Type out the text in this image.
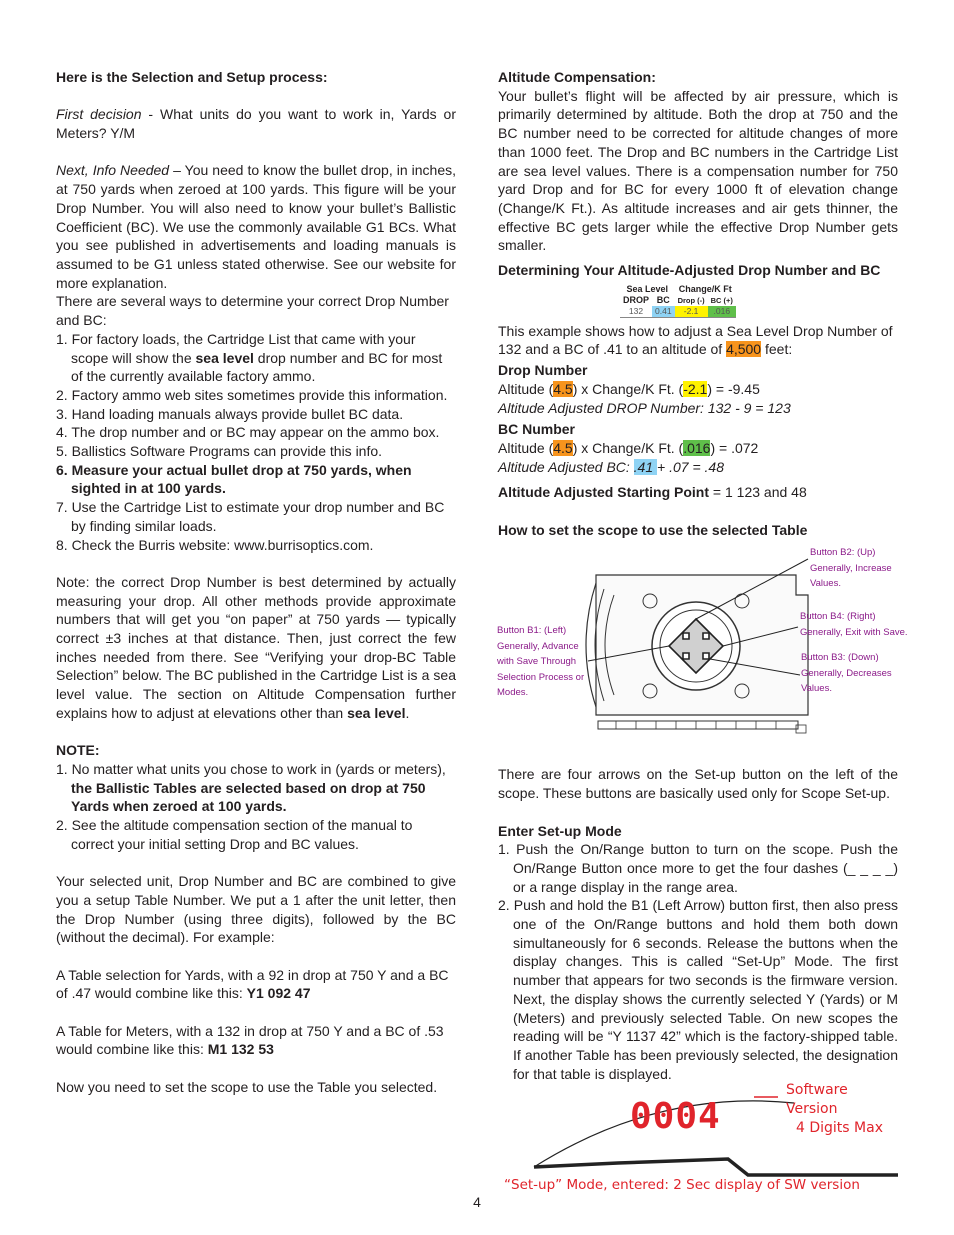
Here is the Selection and Setup process:

First decision - What units do you want to work in, Yards or Meters? Y/M

Next, Info Needed – You need to know the bullet drop, in inches, at 750 yards when zeroed at 100 yards. This figure will be your Drop Number. You will also need to know your bullet’s Ballistic Coefficient (BC). We use the commonly available G1 BCs. What you see published in advertisements and loading manuals is assumed to be G1 unless stated otherwise. See our website for more explanation.

There are several ways to determine your correct Drop Number and BC:

1. For factory loads, the Cartridge List that came with your scope will show the sea level drop number and BC for most of the currently available factory ammo.
2. Factory ammo web sites sometimes provide this information.
3. Hand loading manuals always provide bullet BC data.
4. The drop number and or BC may appear on the ammo box.
5. Ballistics Software Programs can provide this info.
6. Measure your actual bullet drop at 750 yards, when sighted in at 100 yards.
7. Use the Cartridge List to estimate your drop number and BC by finding similar loads.
8. Check the Burris website: www.burrisoptics.com.

Note: the correct Drop Number is best determined by actually measuring your drop. All other methods provide approximate numbers that will get you “on paper” at 750 yards — typically correct ±3 inches at that distance. Then, just correct the few inches needed from there. See “Verifying your drop-BC Table Selection” below. The BC published in the Cartridge List is a sea level value. The section on Altitude Compensation further explains how to adjust at elevations other than sea level.

NOTE:

1. No matter what units you chose to work in (yards or meters), the Ballistic Tables are selected based on drop at 750 Yards when zeroed at 100 yards.
2. See the altitude compensation section of the manual to correct your initial setting Drop and BC values.

Your selected unit, Drop Number and BC are combined to give you a setup Table Number. We put a 1 after the unit letter, then the Drop Number (using three digits), followed by the BC (without the decimal). For example:

A Table selection for Yards, with a 92 in drop at 750 Y and a BC of .47 would combine like this: Y1 092 47

A Table for Meters, with a 132 in drop at 750 Y and a BC of .53 would combine like this: M1 132 53

Now you need to set the scope to use the Table you selected.

Altitude Compensation:

Your bullet’s flight will be affected by air pressure, which is primarily determined by altitude. Both the drop at 750 and the BC number need to be corrected for altitude changes of more than 1000 feet. The Drop and BC numbers in the Cartridge List are sea level values. There is a compensation number for 750 yard Drop and for BC for every 1000 ft of elevation change (Change/K Ft.). As altitude increases and air gets thinner, the effective BC gets larger while the effective Drop Number gets smaller.

Determining Your Altitude-Adjusted Drop Number and BC

Sea Level		Change/K Ft	
DROP	BC	Drop (-)	BC (+)
132	0.41	-2.1	.016

This example shows how to adjust a Sea Level Drop Number of 132 and a BC of .41 to an altitude of 4,500 feet:

Drop Number

Altitude (4.5) x Change/K Ft. (-2.1) = -9.45

Altitude Adjusted DROP Number: 132 - 9 = 123

BC Number

Altitude (4.5) x Change/K Ft. (.016) = .072

Altitude Adjusted BC: .41 + .07 = .48

Altitude Adjusted Starting Point = 1 123 and 48

How to set the scope to use the selected Table

Button B2: (Up)
Generally, Increase
Values.
Button B4: (Right)
Generally, Exit with Save.
Button B3: (Down)
Generally, Decreases
Values.
Button B1: (Left)
Generally, Advance
with Save Through
Selection Process or
Modes.

There are four arrows on the Set-up button on the left of the scope. These buttons are basically used only for Scope Set-up.

Enter Set-up Mode

1. Push the On/Range button to turn on the scope. Push the On/Range Button once more to get the four dashes (_ _ _ _) or a range display in the range area.
2. Push and hold the B1 (Left Arrow) button first, then also press one of the On/Range buttons and hold them both down simultaneously for 6 seconds. Release the buttons when the display changes. This is called “Set-Up” Mode. The first number that appears for two seconds is the firmware version. Next, the display shows the currently selected Y (Yards) or M (Meters) and previously selected Table. On new scopes the reading will be “Y 1137 42” which is the factory-shipped table. If another Table has been previously selected, the designation for that table is displayed.
0004
Software Version
4 Digits Max
“Set-up” Mode, entered: 2 Sec display of SW version
4
